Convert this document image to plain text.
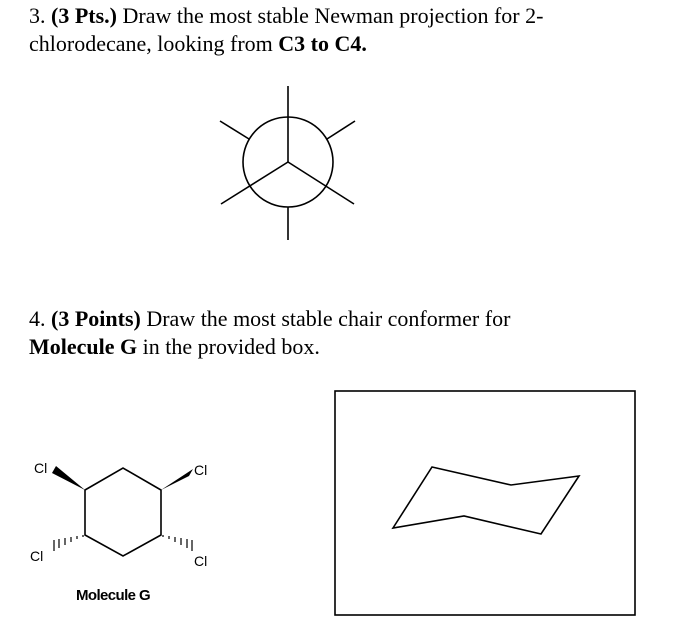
3. (3 Pts.) Draw the most stable Newman projection for 2-
chlorodecane, looking from C3 to C4.
4. (3 Points) Draw the most stable chair conformer for
Molecule G in the provided box.
Cl	Cl
Cl	Cl
Molecule G
